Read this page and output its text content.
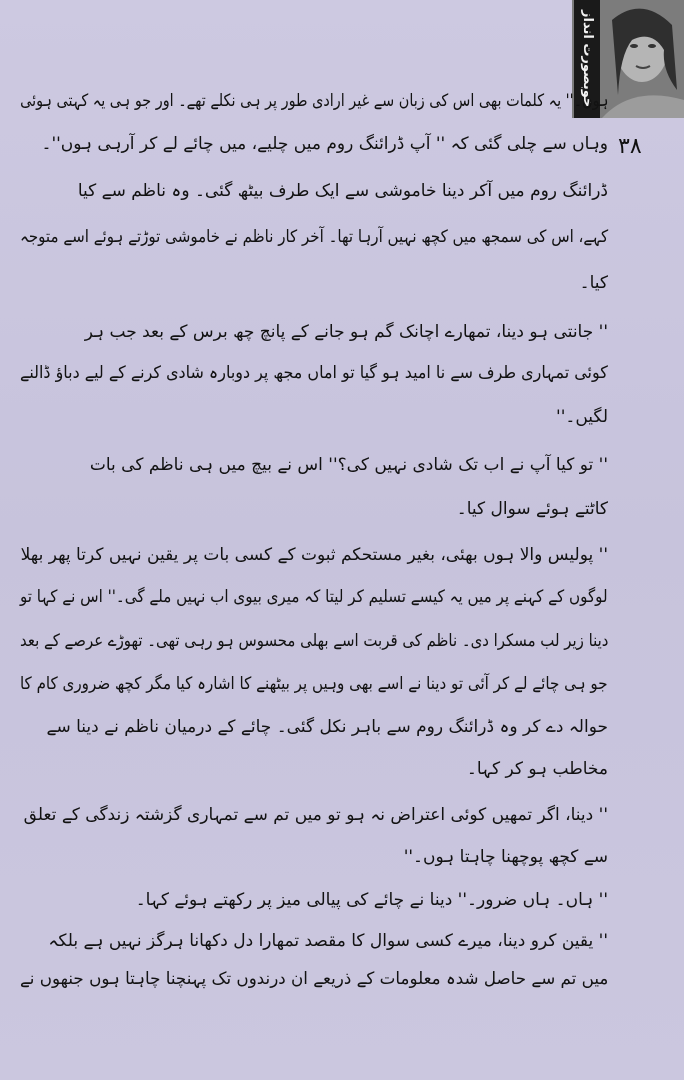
خوبصورت انداز
۳۸
ہوں۔'' یہ کلمات بھی اس کی زبان سے غیر ارادی طور پر ہی نکلے تھے۔ اور جو ہی یہ کہتی ہوئی
وہاں سے چلی گئی کہ '' آپ ڈرائنگ روم میں چلیے، میں چائے لے کر آرہی ہوں''۔
ڈرائنگ روم میں آکر دینا خاموشی سے ایک طرف بیٹھ گئی۔ وہ ناظم سے کیا
کہے، اس کی سمجھ میں کچھ نہیں آرہا تھا۔ آخر کار ناظم نے خاموشی توڑتے ہوئے اسے متوجہ
کیا۔
'' جانتی ہو دینا، تمھارے اچانک گم ہو جانے کے پانچ چھ برس کے بعد جب ہر
کوئی تمہاری طرف سے نا امید ہو گیا تو اماں مجھ پر دوبارہ شادی کرنے کے لیے دباؤ ڈالنے
لگیں۔''
'' تو کیا آپ نے اب تک شادی نہیں کی؟'' اس نے بیچ میں ہی ناظم کی بات
کاٹتے ہوئے سوال کیا۔
'' پولیس والا ہوں بھئی، بغیر مستحکم ثبوت کے کسی بات پر یقین نہیں کرتا پھر بھلا
لوگوں کے کہنے پر میں یہ کیسے تسلیم کر لیتا کہ میری بیوی اب نہیں ملے گی۔'' اس نے کہا تو
دینا زیر لب مسکرا دی۔ ناظم کی قربت اسے بھلی محسوس ہو رہی تھی۔ تھوڑے عرصے کے بعد
جو ہی چائے لے کر آئی تو دینا نے اسے بھی وہیں پر بیٹھنے کا اشارہ کیا مگر کچھ ضروری کام کا
حوالہ دے کر وہ ڈرائنگ روم سے باہر نکل گئی۔ چائے کے درمیان ناظم نے دینا سے
مخاطب ہو کر کہا۔
'' دینا، اگر تمھیں کوئی اعتراض نہ ہو تو میں تم سے تمہاری گزشتہ زندگی کے تعلق
سے کچھ پوچھنا چاہتا ہوں۔''
'' ہاں۔ ہاں ضرور۔'' دینا نے چائے کی پیالی میز پر رکھتے ہوئے کہا۔
'' یقین کرو دینا، میرے کسی سوال کا مقصد تمھارا دل دکھانا ہرگز نہیں ہے بلکہ
میں تم سے حاصل شدہ معلومات کے ذریعے ان درندوں تک پہنچنا چاہتا ہوں جنھوں نے
